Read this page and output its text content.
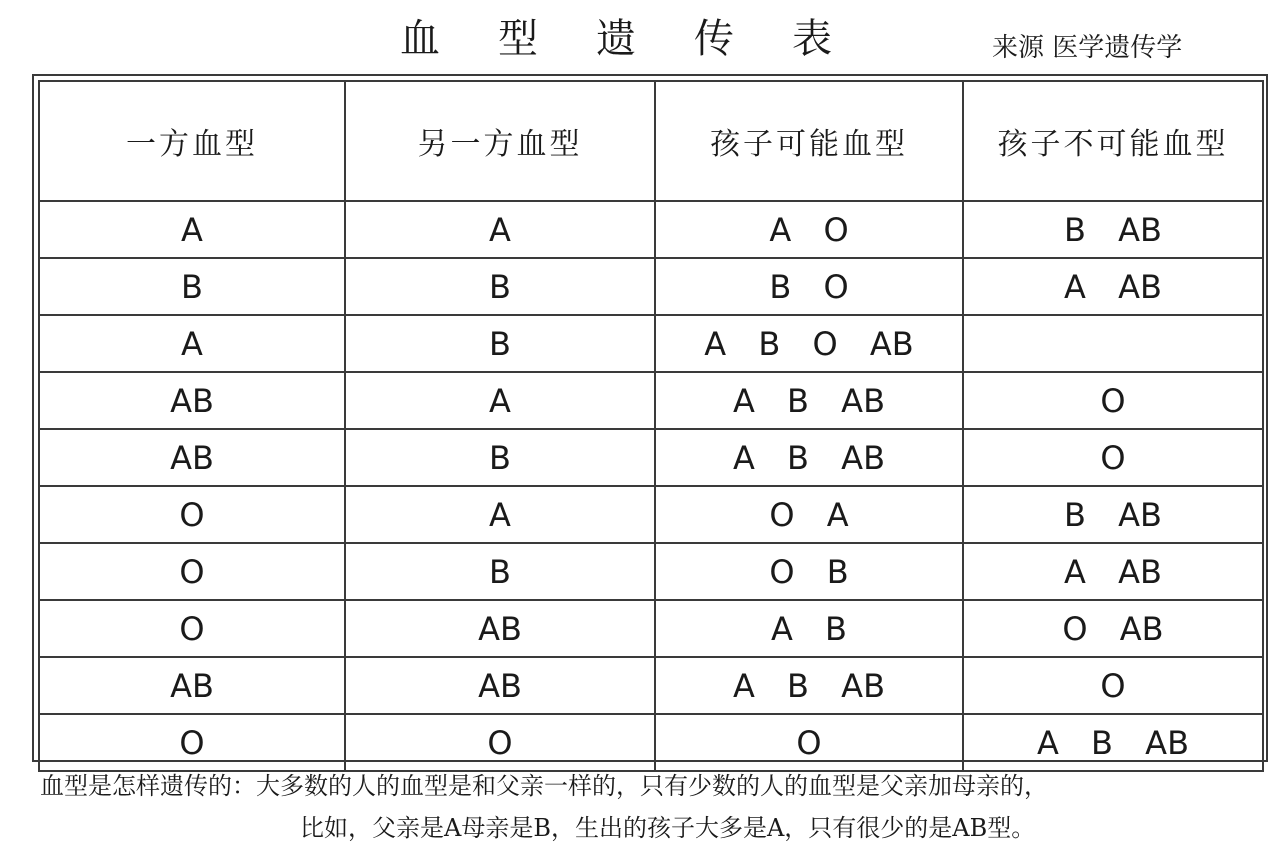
血型遗传表	来源 医学遗传学
一方血型	另一方血型	孩子可能血型	孩子不可能血型
A	A	A O	B AB
B	B	B O	A AB
A	B	A B O AB	
AB	A	A B AB	O
AB	B	A B AB	O
O	A	O A	B AB
O	B	O B	A AB
O	AB	A B	O AB
AB	AB	A B AB	O
O	O	O	A B AB
血型是怎样遗传的：大多数的人的血型是和父亲一样的，只有少数的人的血型是父亲加母亲的，
比如，父亲是A母亲是B，生出的孩子大多是A，只有很少的是AB型。
